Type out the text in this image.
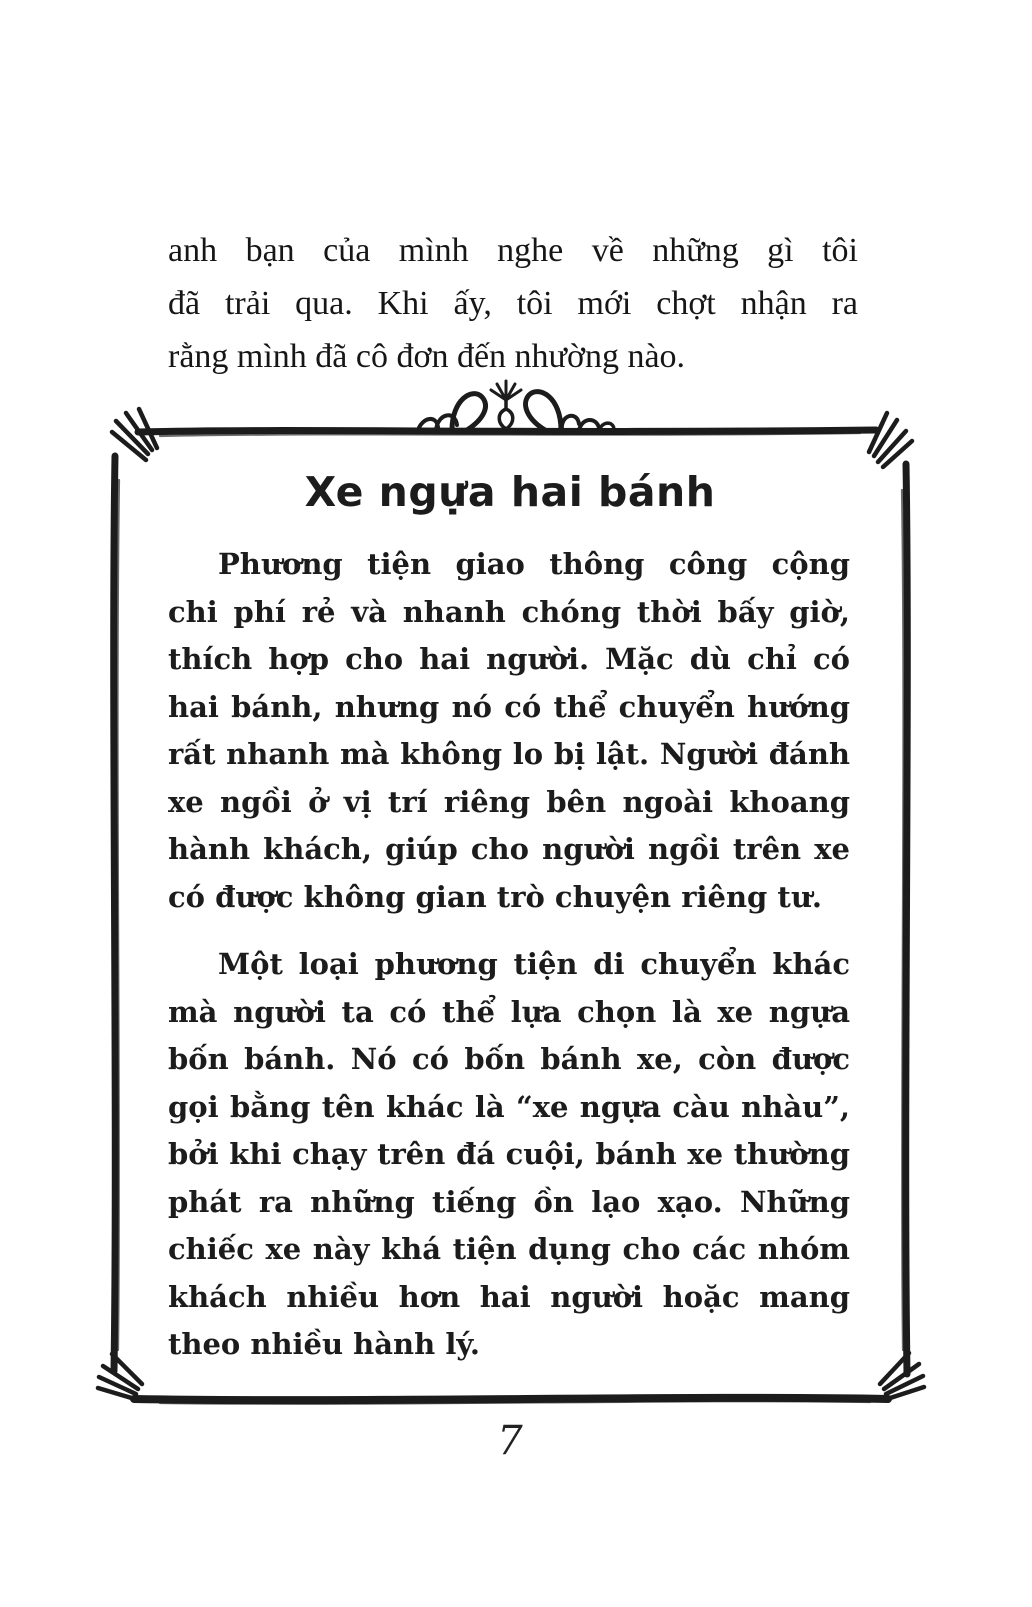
anh bạn của mình nghe về những gì tôi
đã trải qua. Khi ấy, tôi mới chợt nhận ra
rằng mình đã cô đơn đến nhường nào.
Xe ngựa hai bánh
Phương tiện giao thông công cộng
chi phí rẻ và nhanh chóng thời bấy giờ,
thích hợp cho hai người. Mặc dù chỉ có
hai bánh, nhưng nó có thể chuyển hướng
rất nhanh mà không lo bị lật. Người đánh
xe ngồi ở vị trí riêng bên ngoài khoang
hành khách, giúp cho người ngồi trên xe
có được không gian trò chuyện riêng tư.
Một loại phương tiện di chuyển khác
mà người ta có thể lựa chọn là xe ngựa
bốn bánh. Nó có bốn bánh xe, còn được
gọi bằng tên khác là “xe ngựa càu nhàu”,
bởi khi chạy trên đá cuội, bánh xe thường
phát ra những tiếng ồn lạo xạo. Những
chiếc xe này khá tiện dụng cho các nhóm
khách nhiều hơn hai người hoặc mang
theo nhiều hành lý.
7
